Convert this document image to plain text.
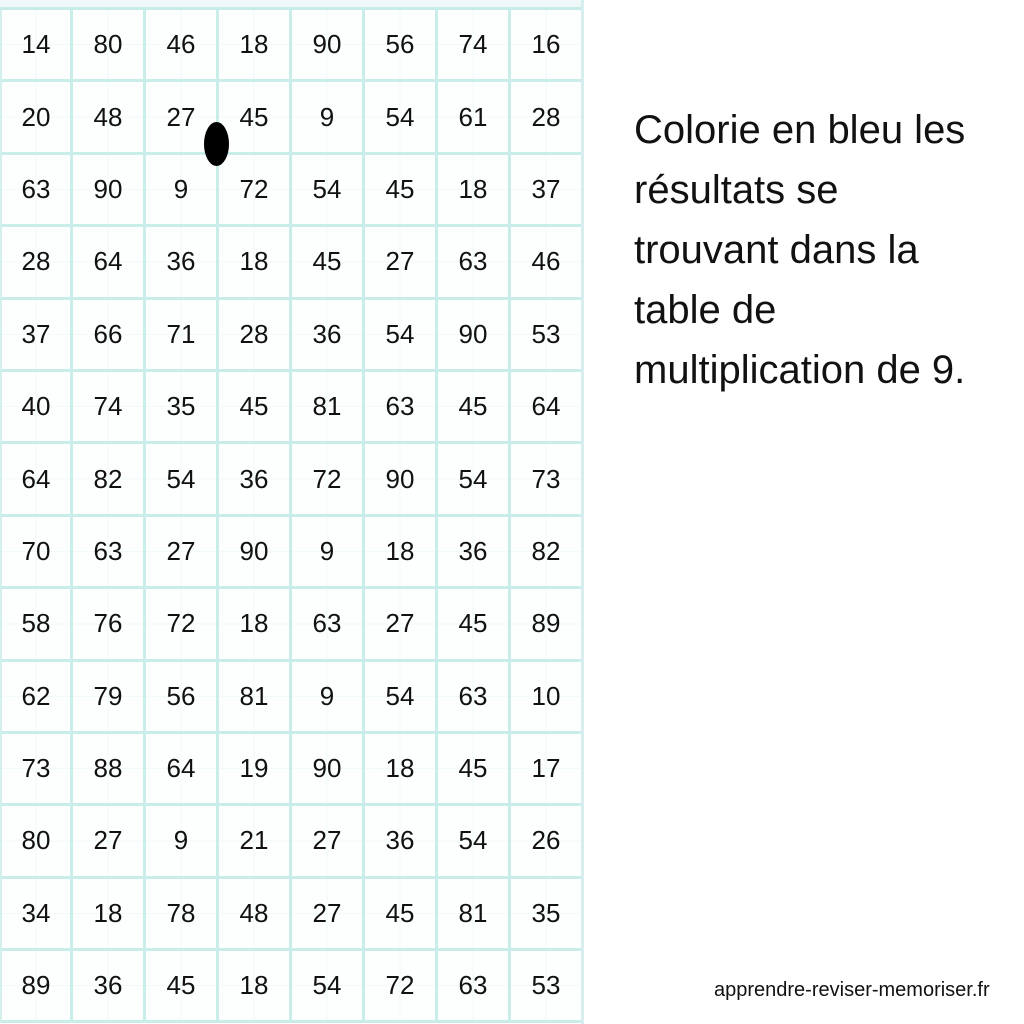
14	80	46	18	90	56	74	16
20	48	27	45	9	54	61	28
63	90	9	72	54	45	18	37
28	64	36	18	45	27	63	46
37	66	71	28	36	54	90	53
40	74	35	45	81	63	45	64
64	82	54	36	72	90	54	73
70	63	27	90	9	18	36	82
58	76	72	18	63	27	45	89
62	79	56	81	9	54	63	10
73	88	64	19	90	18	45	17
80	27	9	21	27	36	54	26
34	18	78	48	27	45	81	35
89	36	45	18	54	72	63	53
Colorie en bleu les
résultats se
trouvant dans la
table de
multiplication de 9.
apprendre-reviser-memoriser.fr
